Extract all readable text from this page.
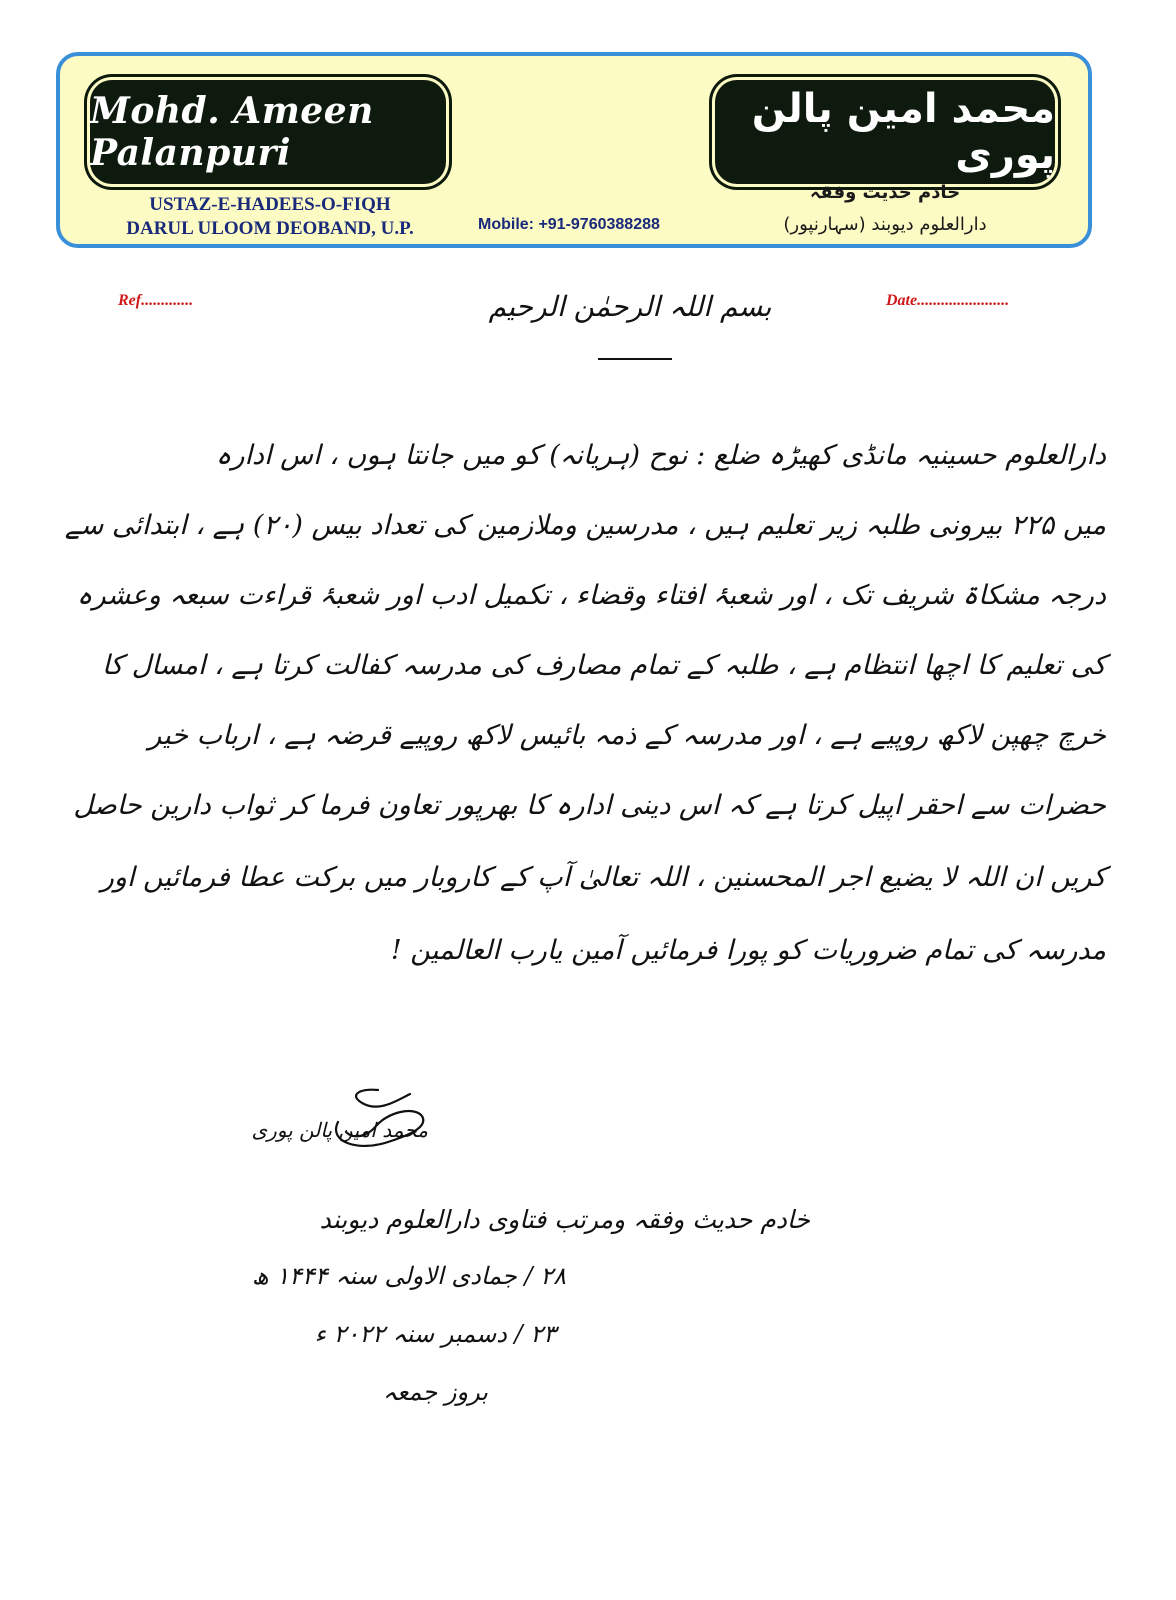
Mohd. Ameen Palanpuri
محمد امین پالن پوری
USTAZ-E-HADEES-O-FIQH
DARUL ULOOM DEOBAND, U.P.	Mobile: +91-9760388288
خادم حدیث وفقہ
دارالعلوم دیوبند (سہارنپور)
Ref.............	Date.......................
بسم اللہ الرحمٰن الرحیم
دارالعلوم حسینیہ مانڈی کھیڑہ ضلع : نوح (ہریانہ) کو میں جانتا ہوں ، اس ادارہ
میں ۲۲۵ بیرونی طلبہ زیر تعلیم ہیں ، مدرسین وملازمین کی تعداد بیس (۲۰) ہے ، ابتدائی سے
درجہ مشکاۃ شریف تک ، اور شعبۂ افتاء وقضاء ، تکمیل ادب اور شعبۂ قراءت سبعہ وعشرہ
کی تعلیم کا اچھا انتظام ہے ، طلبہ کے تمام مصارف کی مدرسہ کفالت کرتا ہے ، امسال کا
خرچ چھپن لاکھ روپیے ہے ، اور مدرسہ کے ذمہ بائیس لاکھ روپیے قرضہ ہے ، ارباب خیر
حضرات سے احقر اپیل کرتا ہے کہ اس دینی ادارہ کا بھرپور تعاون فرما کر ثواب دارین حاصل
کریں ان اللہ لا یضیع اجر المحسنین ، اللہ تعالیٰ آپ کے کاروبار میں برکت عطا فرمائیں اور
مدرسہ کی تمام ضروریات کو پورا فرمائیں آمین یارب العالمین !
محمد امین پالن پوری
خادم حدیث وفقہ ومرتب فتاوی دارالعلوم دیوبند
۲۸ / جمادی الاولی سنہ ۱۴۴۴ ھ
۲۳ / دسمبر سنہ ۲۰۲۲ ء
بروز جمعہ
